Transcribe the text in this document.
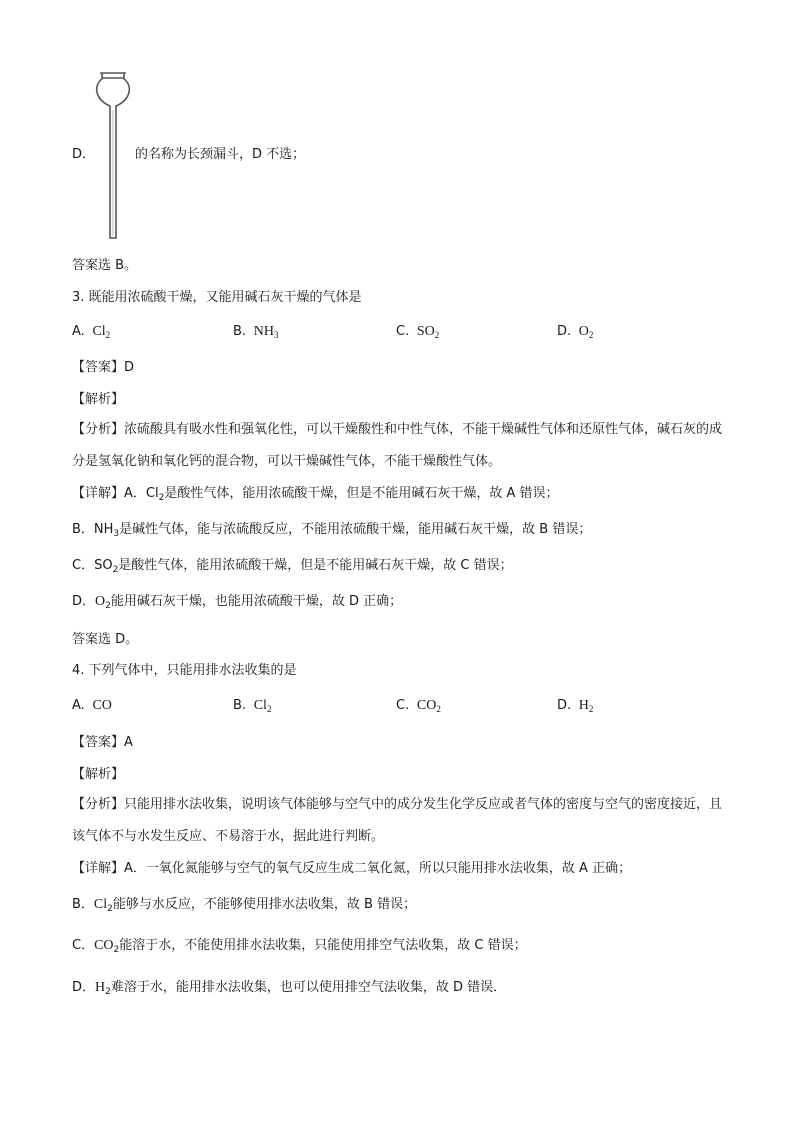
D．	的名称为长颈漏斗，D 不选；
答案选 B。
3. 既能用浓硫酸干燥，又能用碱石灰干燥的气体是
A. $Cl_2$	B. $NH_3$	C. $SO_2$	D. $O_2$
【答案】D
【解析】
【分析】浓硫酸具有吸水性和强氧化性，可以干燥酸性和中性气体，不能干燥碱性气体和还原性气体，碱石灰的成分是氢氧化钠和氧化钙的混合物，可以干燥碱性气体，不能干燥酸性气体。
【详解】A．$Cl_2$是酸性气体，能用浓硫酸干燥，但是不能用碱石灰干燥，故 A 错误；
B．$NH_3$是碱性气体，能与浓硫酸反应，不能用浓硫酸干燥，能用碱石灰干燥，故 B 错误；
C．$SO_2$是酸性气体，能用浓硫酸干燥，但是不能用碱石灰干燥，故 C 错误；
D．$O_2$能用碱石灰干燥，也能用浓硫酸干燥，故 D 正确；
答案选 D。
4. 下列气体中，只能用排水法收集的是
A. CO	B. $Cl_2$	C. $CO_2$	D. $H_2$
【答案】A
【解析】
【分析】只能用排水法收集，说明该气体能够与空气中的成分发生化学反应或者气体的密度与空气的密度接近，且该气体不与水发生反应、不易溶于水，据此进行判断。
【详解】A．一氧化氮能够与空气的氧气反应生成二氧化氮，所以只能用排水法收集，故 A 正确；
B．$Cl_2$能够与水反应，不能够使用排水法收集，故 B 错误；
C．$CO_2$能溶于水，不能使用排水法收集，只能使用排空气法收集，故 C 错误；
D．$H_2$难溶于水，能用排水法收集，也可以使用排空气法收集，故 D 错误．
